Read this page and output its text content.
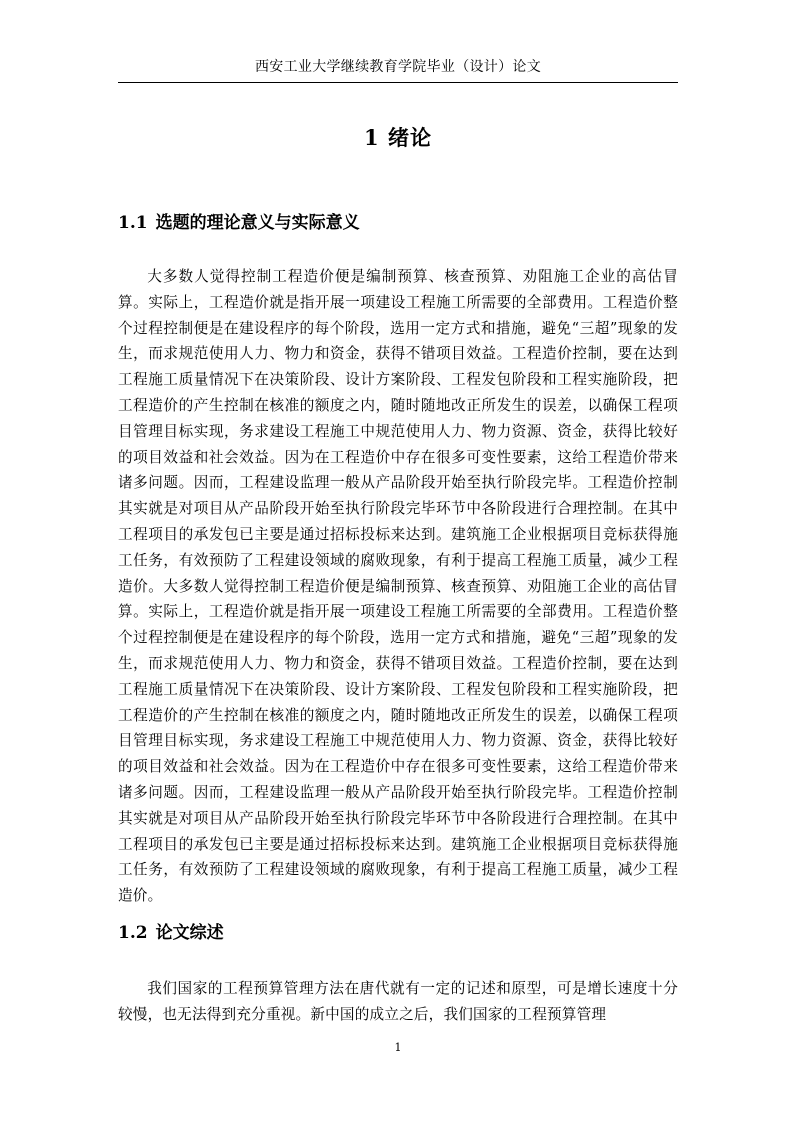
西安工业大学继续教育学院毕业（设计）论文
1 绪论
1.1 选题的理论意义与实际意义

大多数人觉得控制工程造价便是编制预算、核查预算、劝阻施工企业的高估冒算。实际上，工程造价就是指开展一项建设工程施工所需要的全部费用。工程造价整个过程控制便是在建设程序的每个阶段，选用一定方式和措施，避免“三超”现象的发生，而求规范使用人力、物力和资金，获得不错项目效益。工程造价控制，要在达到工程施工质量情况下在决策阶段、设计方案阶段、工程发包阶段和工程实施阶段，把工程造价的产生控制在核准的额度之内，随时随地改正所发生的误差，以确保工程项目管理目标实现，务求建设工程施工中规范使用人力、物力资源、资金，获得比较好的项目效益和社会效益。因为在工程造价中存在很多可变性要素，这给工程造价带来诸多问题。因而，工程建设监理一般从产品阶段开始至执行阶段完毕。工程造价控制其实就是对项目从产品阶段开始至执行阶段完毕环节中各阶段进行合理控制。在其中工程项目的承发包已主要是通过招标投标来达到。建筑施工企业根据项目竞标获得施工任务，有效预防了工程建设领域的腐败现象，有利于提高工程施工质量，减少工程造价。大多数人觉得控制工程造价便是编制预算、核查预算、劝阻施工企业的高估冒算。实际上，工程造价就是指开展一项建设工程施工所需要的全部费用。工程造价整个过程控制便是在建设程序的每个阶段，选用一定方式和措施，避免“三超”现象的发生，而求规范使用人力、物力和资金，获得不错项目效益。工程造价控制，要在达到工程施工质量情况下在决策阶段、设计方案阶段、工程发包阶段和工程实施阶段，把工程造价的产生控制在核准的额度之内，随时随地改正所发生的误差，以确保工程项目管理目标实现，务求建设工程施工中规范使用人力、物力资源、资金，获得比较好的项目效益和社会效益。因为在工程造价中存在很多可变性要素，这给工程造价带来诸多问题。因而，工程建设监理一般从产品阶段开始至执行阶段完毕。工程造价控制其实就是对项目从产品阶段开始至执行阶段完毕环节中各阶段进行合理控制。在其中工程项目的承发包已主要是通过招标投标来达到。建筑施工企业根据项目竞标获得施工任务，有效预防了工程建设领域的腐败现象，有利于提高工程施工质量，减少工程造价。

1.2 论文综述

我们国家的工程预算管理方法在唐代就有一定的记述和原型，可是增长速度十分较慢，也无法得到充分重视。新中国的成立之后，我们国家的工程预算管理

1
